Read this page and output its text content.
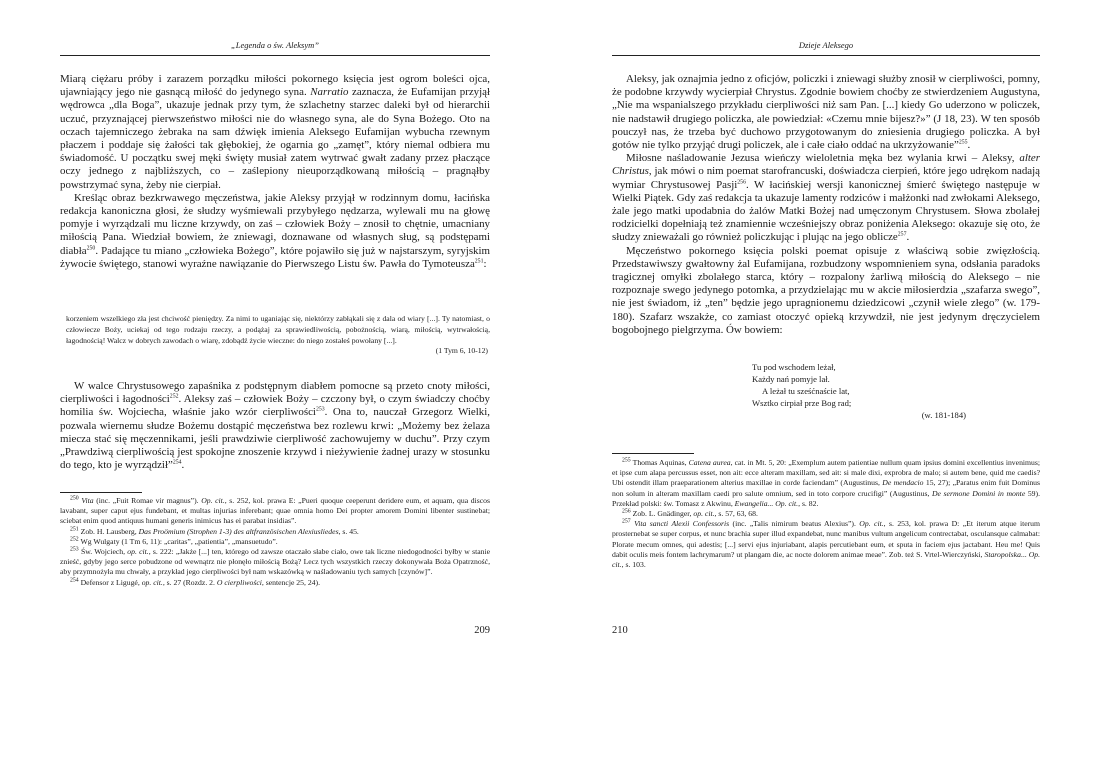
„Legenda o św. Aleksym”

Miarą ciężaru próby i zarazem porządku miłości pokornego księcia jest ogrom boleści ojca, ujawniający jego nie gasnącą miłość do jedynego syna. Narratio zaznacza, że Eufamijan przyjął wędrowca „dla Boga”, ukazuje jednak przy tym, że szlachetny starzec daleki był od hierarchii uczuć, przyznającej pierwszeństwo miłości nie do własnego syna, ale do Syna Bożego. Oto na oczach tajemniczego żebraka na sam dźwięk imienia Aleksego Eufamijan wybucha rzewnym płaczem i poddaje się żałości tak głębokiej, że ogarnia go „zamęt”, który niemal odbiera mu świadomość. U początku swej męki święty musiał zatem wytrwać gwałt zadany przez płaczące oczy jednego z najbliższych, co – zaślepiony nieuporządkowaną miłością – pragnąłby powstrzymać syna, żeby nie cierpiał.

Kreśląc obraz bezkrwawego męczeństwa, jakie Aleksy przyjął w rodzinnym domu, łacińska redakcja kanoniczna głosi, że słudzy wyśmiewali przybyłego nędzarza, wylewali mu na głowę pomyje i wyrządzali mu liczne krzywdy, on zaś – człowiek Boży – znosił to chętnie, umacniany miłością Pana. Wiedział bowiem, że zniewagi, doznawane od własnych sług, są podstępami diabła$^{250}$. Padające tu miano „człowieka Bożego”, które pojawiło się już w najstarszym, syryjskim żywocie świętego, stanowi wyraźne nawiązanie do Pierwszego Listu św. Pawła do Tymoteusza$^{251}$:

korzeniem wszelkiego zła jest chciwość pieniędzy. Za nimi to uganiając się, niektórzy zabłąkali się z dala od wiary [...]. Ty natomiast, o człowiecze Boży, uciekaj od tego rodzaju rzeczy, a podążaj za sprawiedliwością, pobożnością, wiarą, miłością, wytrwałością, łagodnością! Walcz w dobrych zawodach o wiarę, zdobądź życie wieczne: do niego zostałeś powołany [...].
(1 Tym 6, 10-12)

W walce Chrystusowego zapaśnika z podstępnym diabłem pomocne są przeto cnoty miłości, cierpliwości i łagodności$^{252}$. Aleksy zaś – człowiek Boży – czczony był, o czym świadczy choćby homilia św. Wojciecha, właśnie jako wzór cierpliwości$^{253}$. Ona to, nauczał Grzegorz Wielki, pozwala wiernemu słudze Bożemu dostąpić męczeństwa bez rozlewu krwi: „Możemy bez żelaza miecza stać się męczennikami, jeśli prawdziwie cierpliwość zachowujemy w duchu”. Przy czym „Prawdziwą cierpliwością jest spokojne znoszenie krzywd i nieżywienie żadnej urazy w stosunku do tego, kto je wyrządził”$^{254}$.

$^{250}$ Vita (inc. „Fuit Romae vir magnus”). Op. cit., s. 252, kol. prawa E: „Pueri quoque ceeperunt deridere eum, et aquam, qua discos lavabant, super caput ejus fundebant, et multas injurias inferebant; quae omnia homo Dei propter amorem Domini libenter sustinebat; sciebat enim quod antiquus humani generis inimicus has ei parabat insidias”.

$^{251}$ Zob. H. Lausberg, Das Proömium (Strophen 1-3) des altfranzösischen Alexiusliedes, s. 45.

$^{252}$ Wg Wulgaty (1 Tm 6, 11): „caritas”, „patientia”, „mansuetudo”.

$^{253}$ Św. Wojciech, op. cit., s. 222: „Jakże [...] ten, którego od zawsze otaczało słabe ciało, owe tak liczne niedogodności byłby w stanie znieść, gdyby jego serce pobudzone od wewnątrz nie płonęło miłością Bożą? Lecz tych wszystkich rzeczy dokonywała Boża Opatrzność, aby przymnożyła mu chwały, a przykład jego cierpliwości był nam wskazówką w naśladowaniu tych samych [czynów]”.

$^{254}$ Defensor z Ligugé, op. cit., s. 27 (Rozdz. 2. O cierpliwości, sentencje 25, 24).

209
Dzieje Aleksego

Aleksy, jak oznajmia jedno z oficjów, policzki i zniewagi służby znosił w cierpliwości, pomny, że podobne krzywdy wycierpiał Chrystus. Zgodnie bowiem choćby ze stwierdzeniem Augustyna, „Nie ma wspanialszego przykładu cierpliwości niż sam Pan. [...] kiedy Go uderzono w policzek, nie nadstawił drugiego policzka, ale powiedział: «Czemu mnie bijesz?»” (J 18, 23). W ten sposób pouczył nas, że trzeba być duchowo przygotowanym do zniesienia drugiego policzka. A był gotów nie tylko przyjąć drugi policzek, ale i całe ciało oddać na ukrzyżowanie”$^{255}$.

Miłosne naśladowanie Jezusa wieńczy wieloletnia męka bez wylania krwi – Aleksy, alter Christus, jak mówi o nim poemat starofrancuski, doświadcza cierpień, które jego udrękom nadają wymiar Chrystusowej Pasji$^{256}$. W łacińskiej wersji kanonicznej śmierć świętego następuje w Wielki Piątek. Gdy zaś redakcja ta ukazuje lamenty rodziców i małżonki nad zwłokami Aleksego, żale jego matki upodabnia do żalów Matki Bożej nad umęczonym Chrystusem. Słowa zbolałej rodzicielki dopełniają też znamiennie wcześniejszy obraz poniżenia Aleksego: okazuje się oto, że słudzy znieważali go również policzkując i plując na jego oblicze$^{257}$.

Męczeństwo pokornego księcia polski poemat opisuje z właściwą sobie zwięzłością. Przedstawiwszy gwałtowny żal Eufamijana, rozbudzony wspomnieniem syna, odsłania paradoks tragicznej omyłki zbolałego starca, który – rozpalony żarliwą miłością do Aleksego – nie rozpoznaje swego jedynego potomka, a przydzielając mu w akcie miłosierdzia „szafarza swego”, nie jest świadom, iż „ten” będzie jego upragnionemu dziedzicowi „czynił wiele złego” (w. 179-180). Szafarz wszakże, co zamiast otoczyć opieką krzywdził, nie jest jedynym dręczycielem bogobojnego pielgrzyma. Ów bowiem:

Tu pod wschodem leżał,
Każdy nań pomyje lał.
A leżał tu sześćnaście lat,
Wsztko cirpiał prze Bog rad;
(w. 181-184)

$^{255}$ Thomas Aquinas, Catena aurea, cat. in Mt. 5, 20: „Exemplum autem patientiae nullum quam ipsius domini excellentius invenimus; et ipse cum alapa percussus esset, non ait: ecce alteram maxillam, sed ait: si male dixi, exprobra de malo; si autem bene, quid me caedis? Ubi ostendit illam praeparationem alterius maxillae in corde faciendam” (Augustinus, De mendacio 15, 27); „Paratus enim fuit Dominus non solum in alteram maxillam caedi pro salute omnium, sed in toto corpore crucifigi” (Augustinus, De sermone Domini in monte 59). Przekład polski: św. Tomasz z Akwinu, Ewangelia... Op. cit., s. 82.

$^{256}$ Zob. L. Gnädinger, op. cit., s. 57, 63, 68.

$^{257}$ Vita sancti Alexii Confessoris (inc. „Talis nimirum beatus Alexius”). Op. cit., s. 253, kol. prawa D: „Et iterum atque iterum prosternebat se super corpus, et nunc brachia super illud expandebat, nunc manibus vultum angelicum contrectabat, osculansque calmabat: Plorate mecum omnes, qui adestis; [...] servi ejus injuriabant, alapis percutiebant eum, et sputa in faciem ejus jactabant. Heu me! Quis dabit oculis meis fontem lachrymarum? ut plangam die, ac nocte dolorem animae meae”. Zob. też S. Vrtel-Wierczyński, Staropolska... Op. cit., s. 103.

210
